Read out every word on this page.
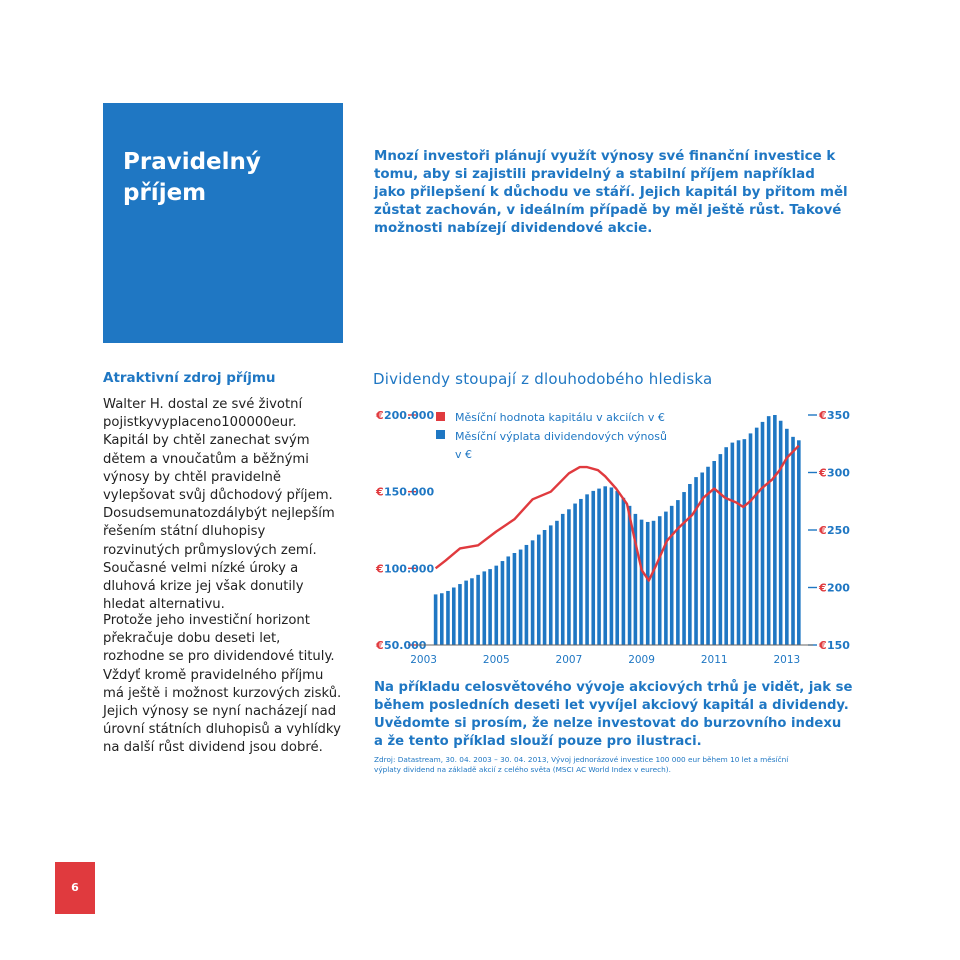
Pravidelný
příjem
Mnozí investoři plánují využít výnosy své finanční investice k tomu, aby si zajistili pravidelný a stabilní příjem například jako přilepšení k důchodu ve stáří. Jejich kapitál by přitom měl zůstat zachován, v ideálním případě by měl ještě růst. Takové možnosti nabízejí dividendové akcie.
Atraktivní zdroj příjmu	Dividendy stoupají z dlouhodobého hlediska

Walter H. dostal ze své životní pojistkyvyplaceno100000eur. Kapitál by chtěl zanechat svým dětem a vnoučatům a běžnými výnosy by chtěl pravidelně vylepšovat svůj důchodový příjem. Dosudsemunatozdálybýt nejlepším řešením státní dluhopisy rozvinutých průmyslových zemí. Současné velmi nízké úroky a dluhová krize jej však donutily hledat alternativu.

Protože jeho investiční horizont překračuje dobu deseti let, rozhodne se pro dividendové tituly. Vždyť kromě pravidelného příjmu má ještě i možnost kurzových zisků. Jejich výnosy se nyní nacházejí nad úrovní státních dluhopisů a vyhlídky na další růst dividend jsou dobré.

€ 200.000
€ 150.000
€ 100.000
€ 50.000
€ 350
€ 300
€ 250
€ 200
€ 150
2003	2005	2007	2009	2011	2013
Měsíční hodnota kapitálu v akciích v €
Měsíční výplata dividendových výnosů
v €
Na příkladu celosvětového vývoje akciových trhů je vidět, jak se během posledních deseti let vyvíjel akciový kapitál a dividendy. Uvědomte si prosím, že nelze investovat do burzovního indexu a že tento příklad slouží pouze pro ilustraci.
Zdroj: Datastream, 30. 04. 2003 – 30. 04. 2013, Vývoj jednorázové investice 100 000 eur během 10 let a měsíční výplaty dividend na základě akcií z celého světa (MSCI AC World Index v eurech).
6
